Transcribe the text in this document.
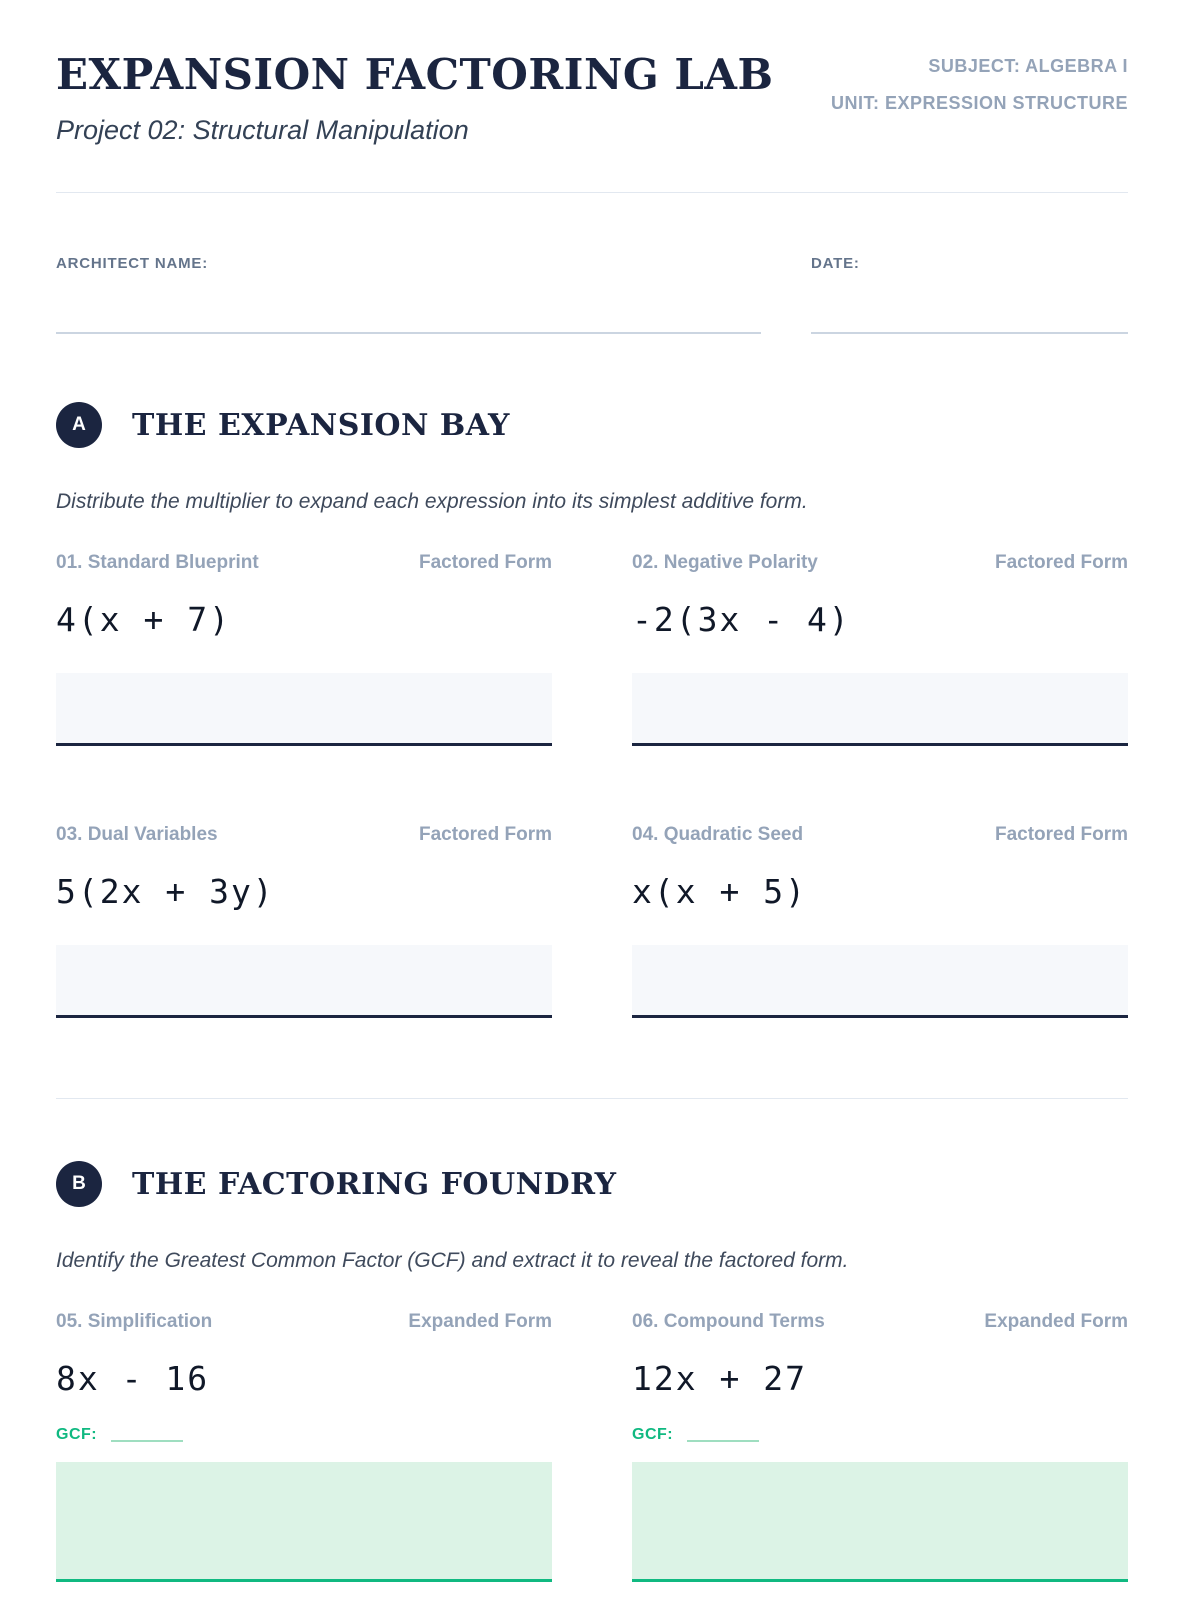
EXPANSION FACTORING LAB
Project 02: Structural Manipulation
SUBJECT: ALGEBRA I
UNIT: EXPRESSION STRUCTURE
ARCHITECT NAME:	DATE:
A	THE EXPANSION BAY

Distribute the multiplier to expand each expression into its simplest additive form.

01. Standard Blueprint	Factored Form
4(x + 7)
02. Negative Polarity	Factored Form
-2(3x - 4)
03. Dual Variables	Factored Form
5(2x + 3y)
04. Quadratic Seed	Factored Form
x(x + 5)
B	THE FACTORING FOUNDRY

Identify the Greatest Common Factor (GCF) and extract it to reveal the factored form.

05. Simplification	Expanded Form
8x - 16
GCF:
06. Compound Terms	Expanded Form
12x + 27
GCF:
